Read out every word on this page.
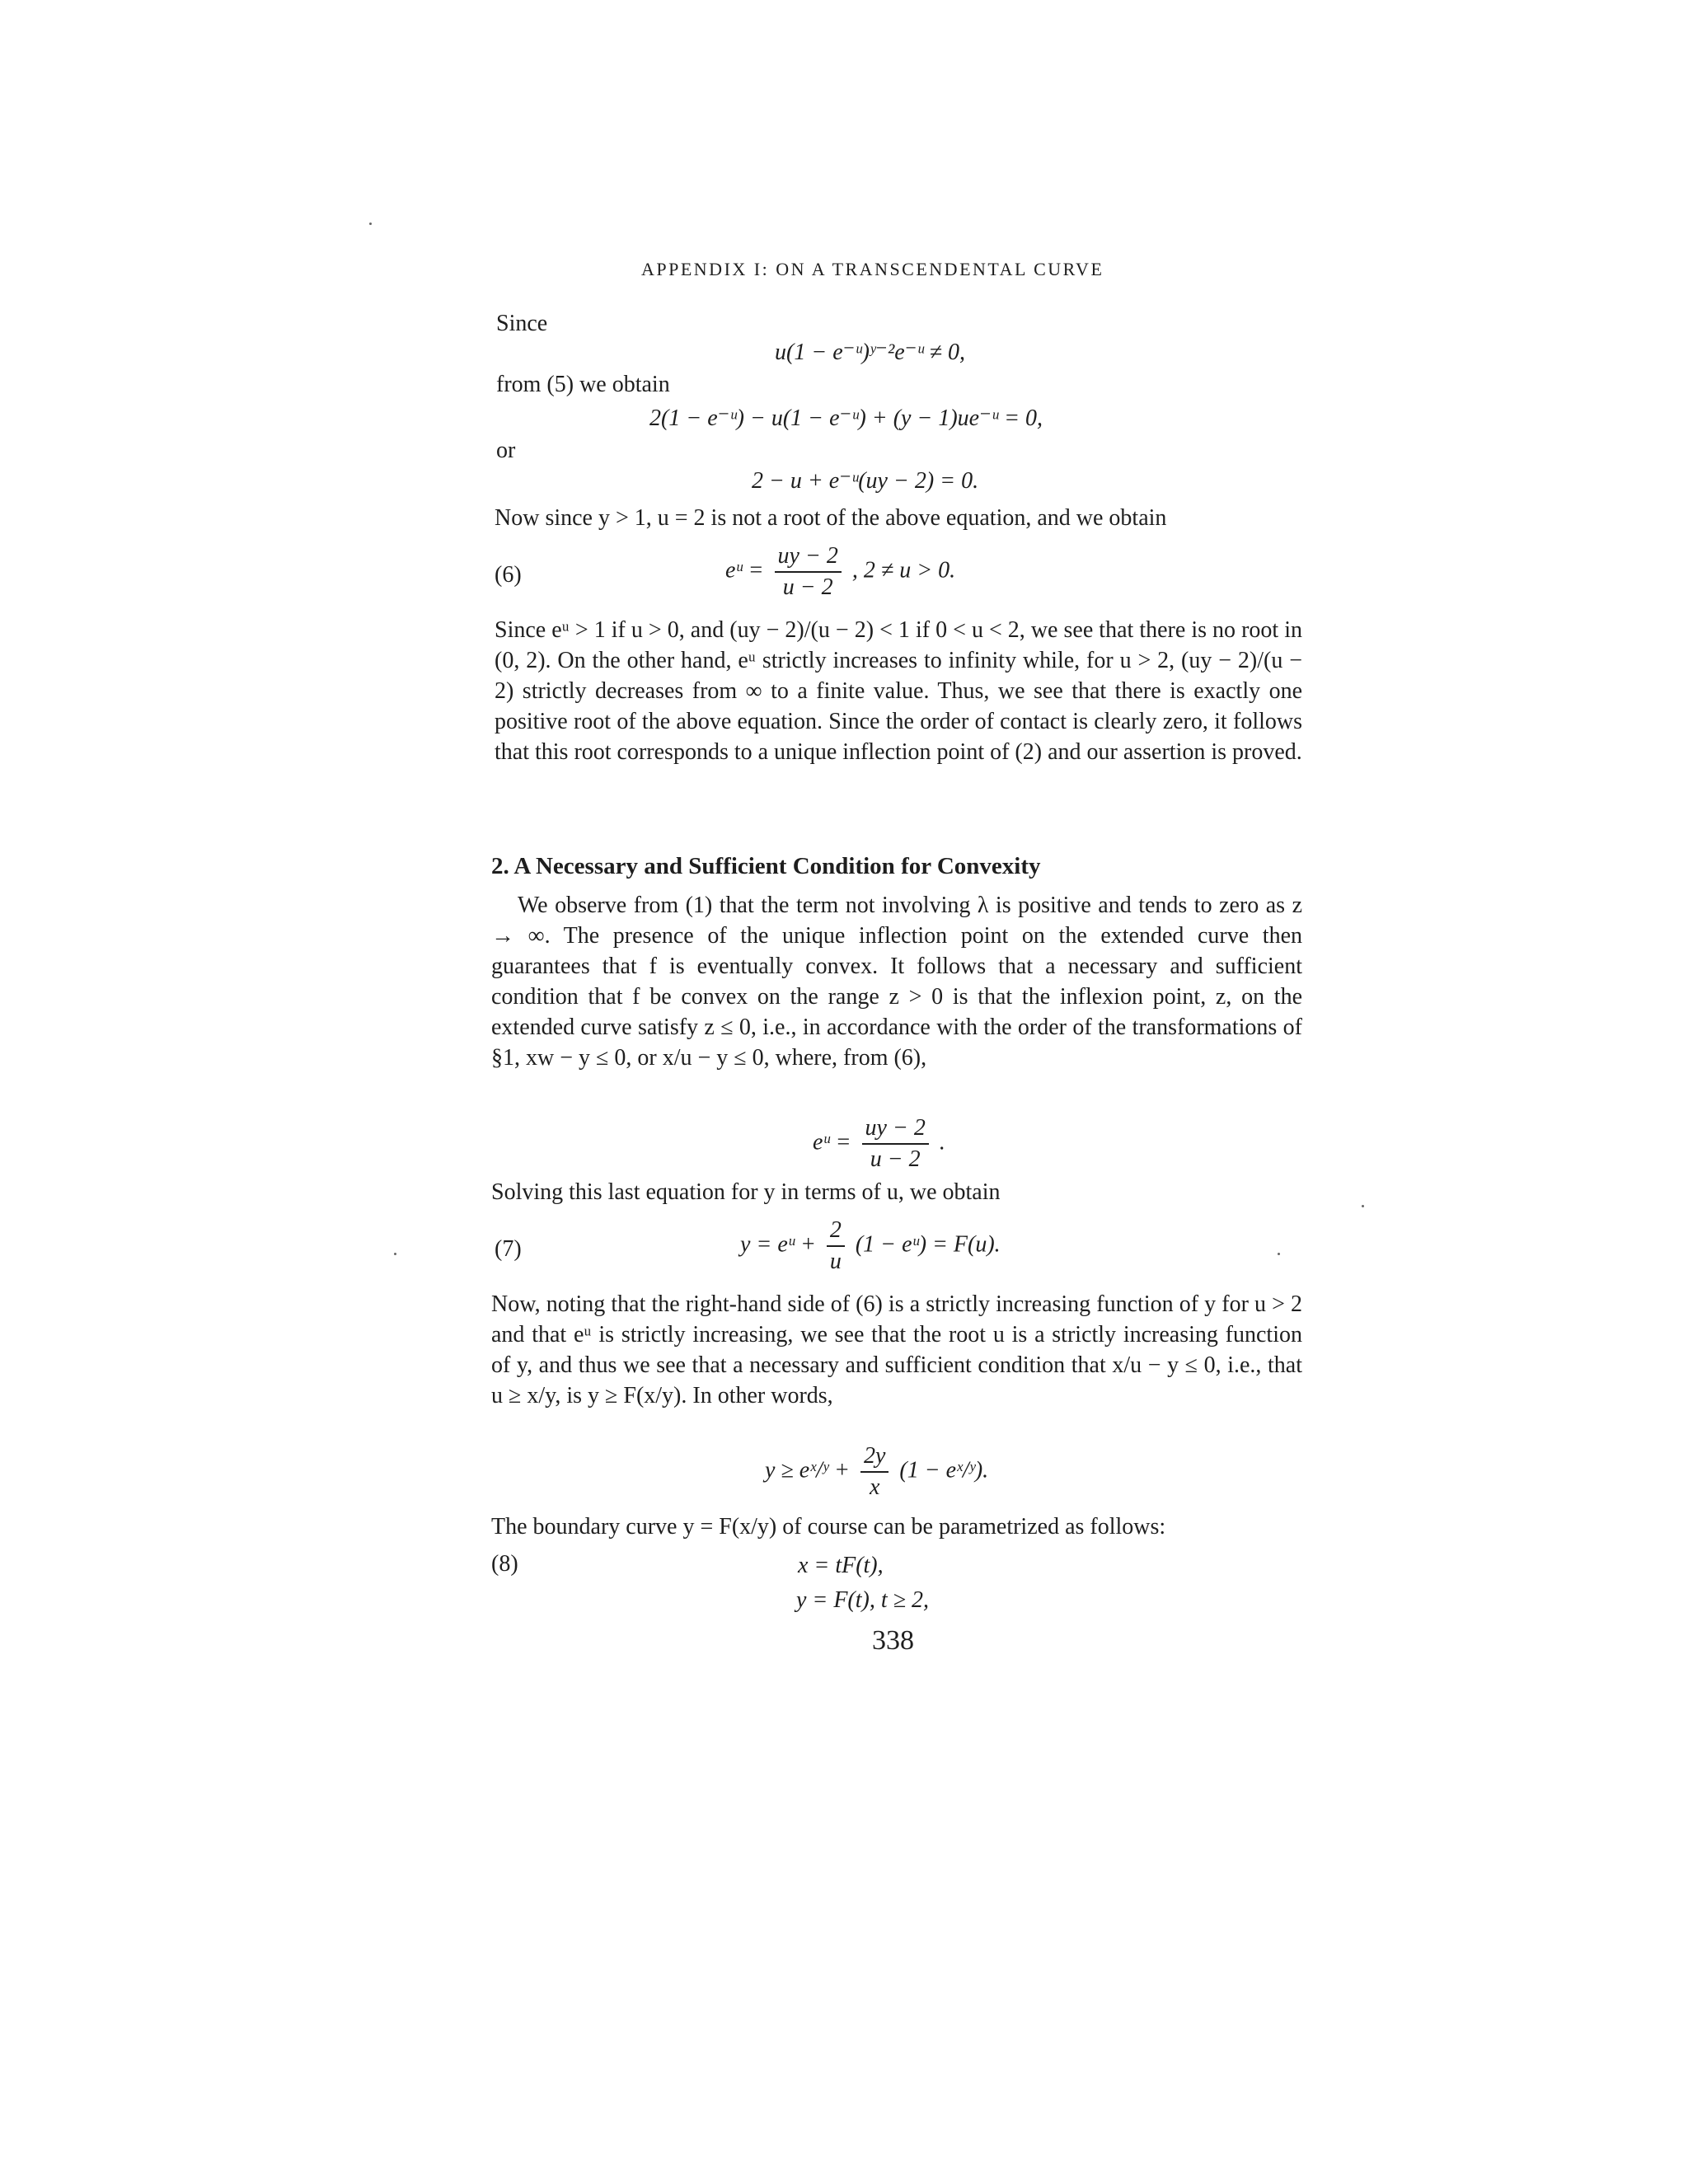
APPENDIX I: ON A TRANSCENDENTAL CURVE
Since
u(1 − e⁻ᵘ)ʸ⁻²e⁻ᵘ ≠ 0,
from (5) we obtain
2(1 − e⁻ᵘ) − u(1 − e⁻ᵘ) + (y − 1)ue⁻ᵘ = 0,
or
2 − u + e⁻ᵘ(uy − 2) = 0.
Now since y > 1, u = 2 is not a root of the above equation, and we obtain
(6)	eᵘ = $\frac{uy - 2}{u - 2}$ , 2 ≠ u > 0.

Since eᵘ > 1 if u > 0, and (uy − 2)/(u − 2) < 1 if 0 < u < 2, we see that there is no root in (0, 2). On the other hand, eᵘ strictly increases to infinity while, for u > 2, (uy − 2)/(u − 2) strictly decreases from ∞ to a finite value. Thus, we see that there is exactly one positive root of the above equation. Since the order of contact is clearly zero, it follows that this root corresponds to a unique inflection point of (2) and our assertion is proved.

2. A Necessary and Sufficient Condition for Convexity

We observe from (1) that the term not involving λ is positive and tends to zero as z → ∞. The presence of the unique inflection point on the extended curve then guarantees that f is eventually convex. It follows that a necessary and sufficient condition that f be convex on the range z > 0 is that the inflexion point, z, on the extended curve satisfy z ≤ 0, i.e., in accordance with the order of the transformations of §1, xw − y ≤ 0, or x/u − y ≤ 0, where, from (6),

eᵘ = $\frac{uy - 2}{u - 2}$ .
Solving this last equation for y in terms of u, we obtain
(7)	y = eᵘ + $\frac{2}{u} (1$ − eᵘ) = F(u).

Now, noting that the right-hand side of (6) is a strictly increasing function of y for u > 2 and that eᵘ is strictly increasing, we see that the root u is a strictly increasing function of y, and thus we see that a necessary and sufficient condition that x/u − y ≤ 0, i.e., that u ≥ x/y, is y ≥ F(x/y). In other words,

y ≥ eˣ/ʸ + $\frac{2y}{x} (1$ − eˣ/ʸ).
The boundary curve y = F(x/y) of course can be parametrized as follows:
(8)	x = tF(t),
y = F(t), t ≥ 2,
338
